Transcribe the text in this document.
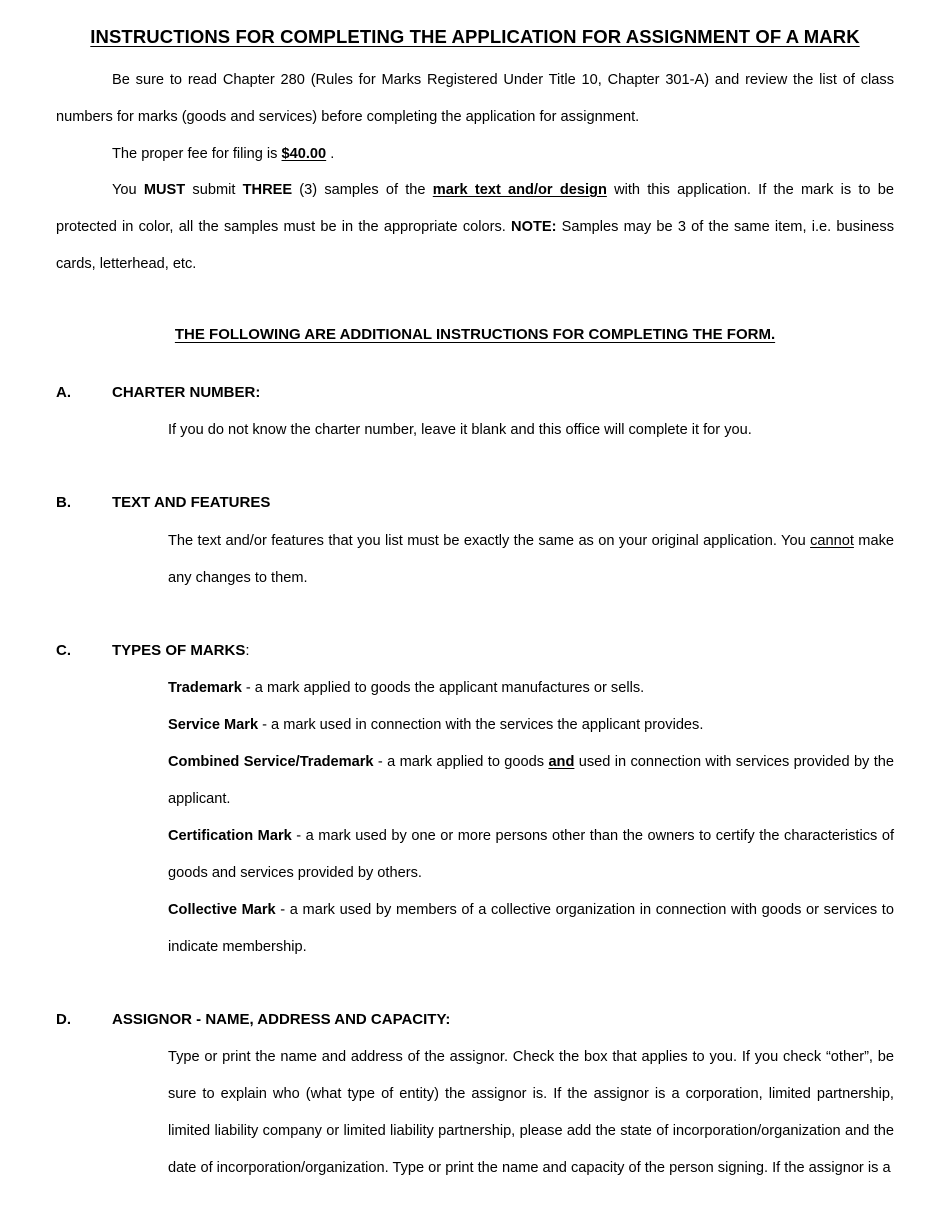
INSTRUCTIONS FOR COMPLETING THE APPLICATION FOR ASSIGNMENT OF A MARK

Be sure to read Chapter 280 (Rules for Marks Registered Under Title 10, Chapter 301-A) and review the list of class numbers for marks (goods and services) before completing the application for assignment.

The proper fee for filing is $40.00 .

You MUST submit THREE (3) samples of the mark text and/or design with this application. If the mark is to be protected in color, all the samples must be in the appropriate colors. NOTE: Samples may be 3 of the same item, i.e. business cards, letterhead, etc.

THE FOLLOWING ARE ADDITIONAL INSTRUCTIONS FOR COMPLETING THE FORM.
A.	CHARTER NUMBER:

If you do not know the charter number, leave it blank and this office will complete it for you.

B.	TEXT AND FEATURES

The text and/or features that you list must be exactly the same as on your original application. You cannot make any changes to them.

C.	TYPES OF MARKS:

Trademark - a mark applied to goods the applicant manufactures or sells.

Service Mark - a mark used in connection with the services the applicant provides.

Combined Service/Trademark - a mark applied to goods and used in connection with services provided by the applicant.

Certification Mark - a mark used by one or more persons other than the owners to certify the characteristics of goods and services provided by others.

Collective Mark - a mark used by members of a collective organization in connection with goods or services to indicate membership.

D.	ASSIGNOR - NAME, ADDRESS AND CAPACITY:

Type or print the name and address of the assignor. Check the box that applies to you. If you check “other”, be sure to explain who (what type of entity) the assignor is. If the assignor is a corporation, limited partnership, limited liability company or limited liability partnership, please add the state of incorporation/organization and the date of incorporation/organization. Type or print the name and capacity of the person signing. If the assignor is a
